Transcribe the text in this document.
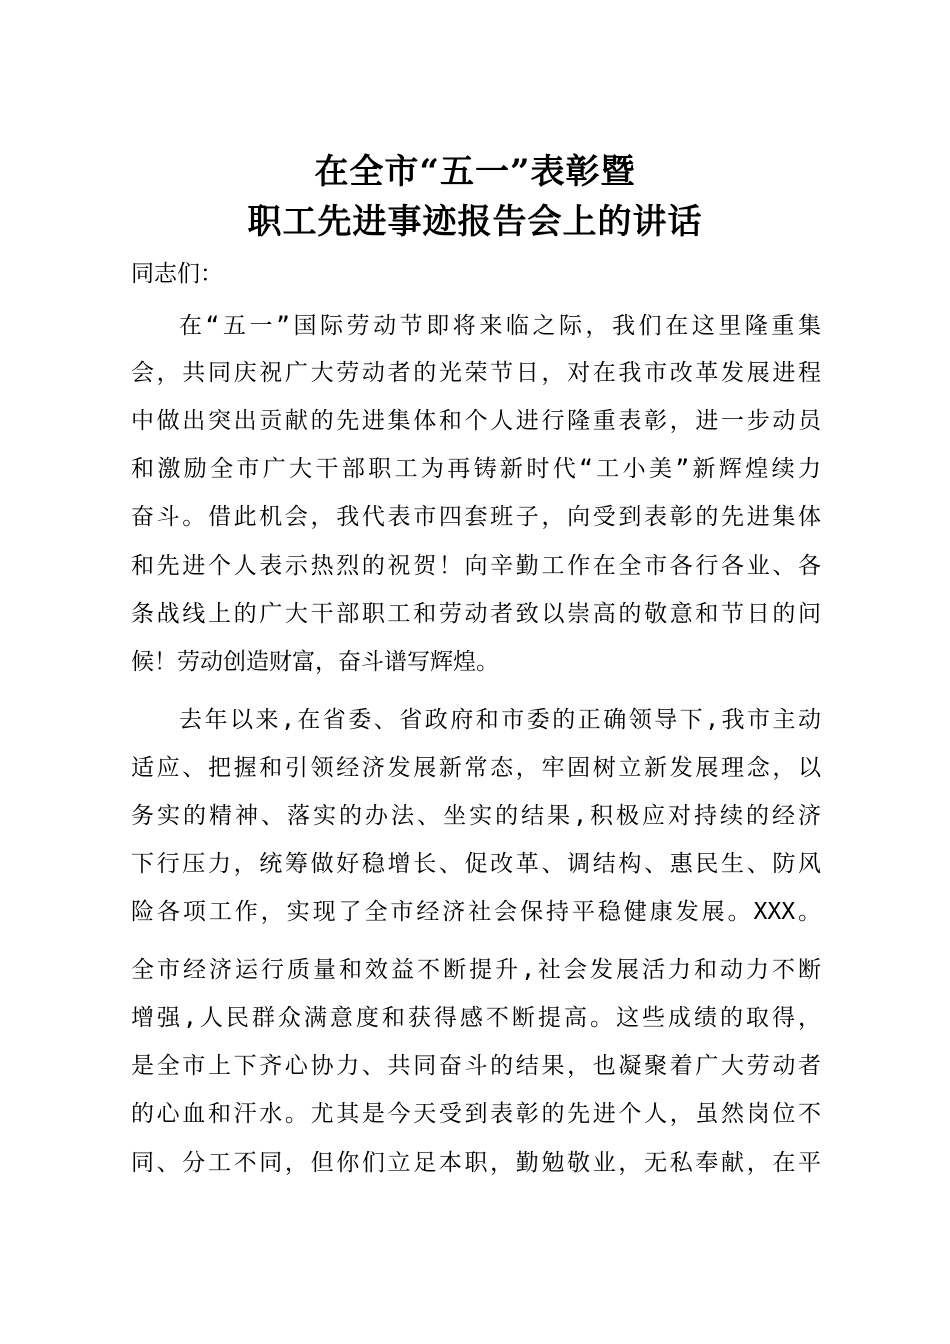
在全市“五一”表彰暨
职工先进事迹报告会上的讲话

同志们：

在“五一”国际劳动节即将来临之际，我们在这里隆重集

会，共同庆祝广大劳动者的光荣节日，对在我市改革发展进程

中做出突出贡献的先进集体和个人进行隆重表彰，进一步动员

和激励全市广大干部职工为再铸新时代“工小美”新辉煌续力

奋斗。借此机会，我代表市四套班子，向受到表彰的先进集体

和先进个人表示热烈的祝贺！向辛勤工作在全市各行各业、各

条战线上的广大干部职工和劳动者致以崇高的敬意和节日的问

候！劳动创造财富，奋斗谱写辉煌。

去年以来,在省委、省政府和市委的正确领导下,我市主动

适应、把握和引领经济发展新常态，牢固树立新发展理念，以

务实的精神、落实的办法、坐实的结果,积极应对持续的经济

下行压力，统筹做好稳增长、促改革、调结构、惠民生、防风

险各项工作，实现了全市经济社会保持平稳健康发展。XXX。

全市经济运行质量和效益不断提升,社会发展活力和动力不断

增强,人民群众满意度和获得感不断提高。这些成绩的取得，

是全市上下齐心协力、共同奋斗的结果，也凝聚着广大劳动者

的心血和汗水。尤其是今天受到表彰的先进个人，虽然岗位不

同、分工不同，但你们立足本职，勤勉敬业，无私奉献，在平
